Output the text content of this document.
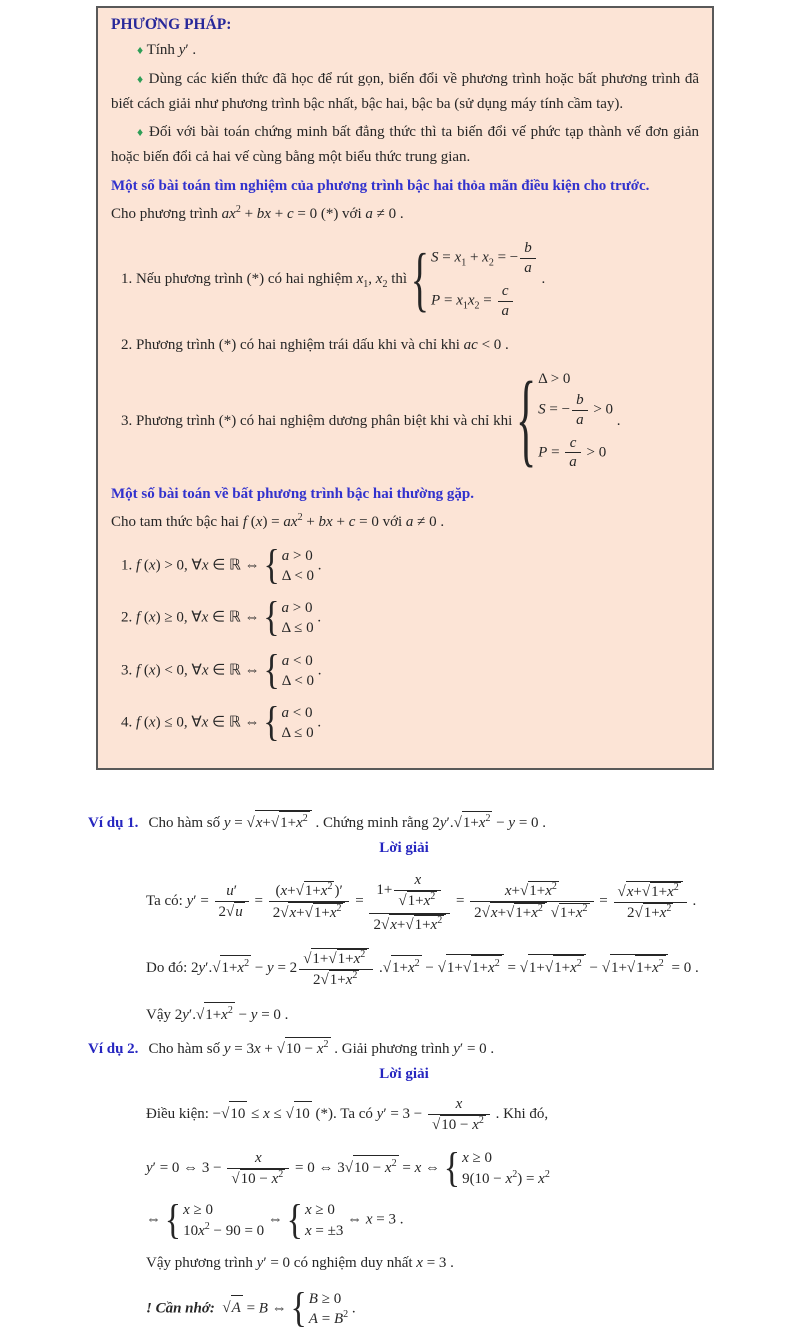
PHƯƠNG PHÁP:
♦ Tính y′ .
♦ Dùng các kiến thức đã học để rút gọn, biến đổi về phương trình hoặc bất phương trình đã biết cách giải như phương trình bậc nhất, bậc hai, bậc ba (sử dụng máy tính cầm tay).
♦ Đối với bài toán chứng minh bất đẳng thức thì ta biến đổi vế phức tạp thành vế đơn giản hoặc biến đổi cả hai vế cùng bằng một biểu thức trung gian.
Một số bài toán tìm nghiệm của phương trình bậc hai thỏa mãn điều kiện cho trước.
Cho phương trình $ax^2$ + bx + c = 0 (*) với a ≠ 0 .
1. Nếu phương trình (*) có hai nghiệm $x_1$, $x_2$ thì { $S = x_1 + x_2$ = − $\frac{b}{a}$
$P = x_1x_2 = \frac{c}{a}$
.
2. Phương trình (*) có hai nghiệm trái dấu khi và chỉ khi ac < 0 .
3. Phương trình (*) có hai nghiệm dương phân biệt khi và chỉ khi { Δ > 0
S = − $\frac{b}{a} > 0$
$P = \frac{c}{a} > 0$
.
Một số bài toán về bất phương trình bậc hai thường gặp.
Cho tam thức bậc hai f $(x) = ax^2$ + bx + c = 0 với a ≠ 0 .
1. f (x) > 0, ∀x ∈ ℝ ⇔ { a > 0
Δ < 0
.
2. f (x) ≥ 0, ∀x ∈ ℝ ⇔ { a > 0
Δ ≤ 0
.
3. f (x) < 0, ∀x ∈ ℝ ⇔ { a < 0
Δ < 0
.
4. f (x) ≤ 0, ∀x ∈ ℝ ⇔ { a < 0
Δ ≤ 0
.
Ví dụ 1. Cho hàm số $y = √x+√1+x^2$ . Chứng minh rằng $2y'.√1+x^2 - y = 0$ .
Lời giải
Ta có: $y' = \frac{u'}{2√u} = \frac{(x+√1+x^2 )'}{2√x+√1+x^2} = \frac{1+ \frac{x}{√1+x^2}}{2√x+√1+x^2} = \frac{x+√1+x^2}{2√x+√1+x^2 √1+x^2} = \frac{√x+√1+x^2}{2√1+x^2}$ .
Do đó: $2y'.√1+x^2 - y = 2 \frac{√1+√1+x^2}{2√1+x^2} .√1+x^2 - √1+√1+x^2 = √1+√1+x^2 - √1+√1+x^2 = 0$ .
Vậy $2y'.√1+x^2 - y = 0$ .
Ví dụ 2. Cho hàm số $y = 3x + √10 - x^2$ . Giải phương trình y′ = 0 .
Lời giải
Điều kiện: −√10 ≤ x ≤ √10 (*). Ta có $y' = 3 - \frac{x}{√10 - x^2}$ . Khi đó,
y′ = 0 ⇔ $3 - \frac{x}{√10 - x^2} = 0$ ⇔ $3√10 - x^2 = x$ ⇔ { x ≥ 0
$9(10 - x^2) = x^2$
⇔ { x ≥ 0
$10x^2 - 90 = 0$
⇔ { x ≥ 0
x = ±3
⇔ x = 3 .
Vậy phương trình y′ = 0 có nghiệm duy nhất x = 3 .
! Cần nhớ: √A = B ⇔ { B ≥ 0
$A = B^2$ .
